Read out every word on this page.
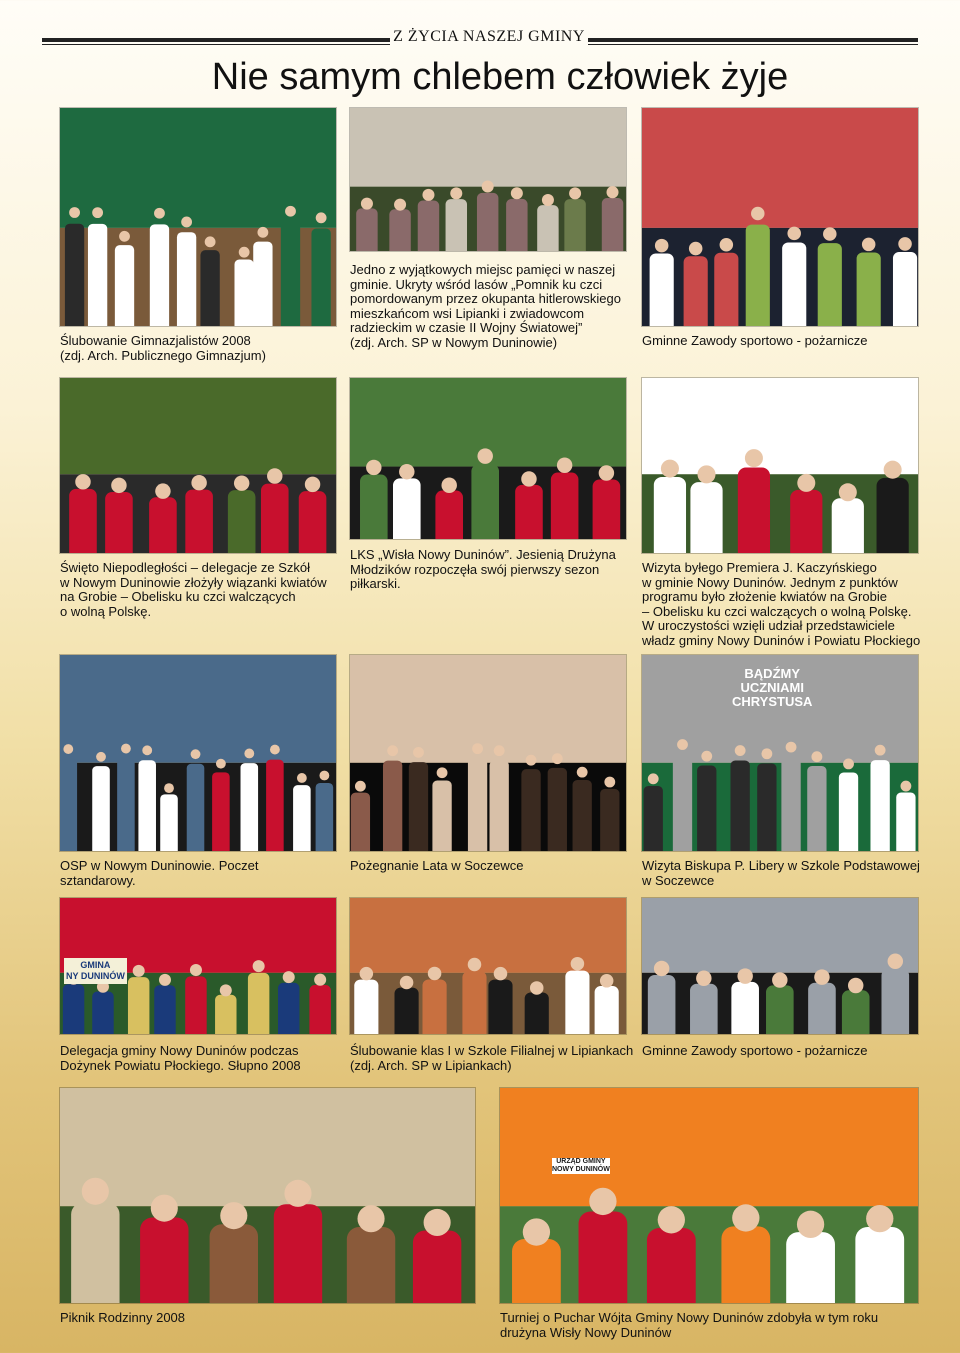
Z ŻYCIA NASZEJ GMINY
Nie samym chlebem człowiek żyje
Ślubowanie Gimnazjalistów 2008
(zdj. Arch. Publicznego Gimnazjum)
Jedno z wyjątkowych miejsc pamięci w naszej
gminie. Ukryty wśród lasów „Pomnik ku czci
pomordowanym przez okupanta hitlerowskiego
mieszkańcom wsi Lipianki i zwiadowcom
radzieckim w czasie II Wojny Światowej”
(zdj. Arch. SP w Nowym Duninowie)	Gminne Zawody sportowo - pożarnicze
Święto Niepodległości – delegacje ze Szkół
w Nowym Duninowie złożyły wiązanki kwiatów
na Grobie – Obelisku ku czci walczących
o wolną Polskę.
LKS „Wisła Nowy Duninów”. Jesienią Drużyna
Młodzików rozpoczęła swój pierwszy sezon
piłkarski.
Wizyta byłego Premiera J. Kaczyńskiego
w gminie Nowy Duninów. Jednym z punktów
programu było złożenie kwiatów na Grobie
– Obelisku ku czci walczących o wolną Polskę.
W uroczystości wzięli udział przedstawiciele
władz gminy Nowy Duninów i Powiatu Płockiego
OSP w Nowym Duninowie. Poczet
sztandarowy.
Pożegnanie Lata w Soczewce
BĄDŹMY
UCZNIAMI
CHRYSTUSA
Wizyta Biskupa P. Libery w Szkole Podstawowej
w Soczewce
GMINA
NY DUNINÓW
Delegacja gminy Nowy Duninów podczas
Dożynek Powiatu Płockiego. Słupno 2008
Ślubowanie klas I w Szkole Filialnej w Lipiankach
(zdj. Arch. SP w Lipiankach)
Gminne Zawody sportowo - pożarnicze
Piknik Rodzinny 2008
URZĄD GMINY
NOWY DUNINÓW
Turniej o Puchar Wójta Gminy Nowy Duninów zdobyła w tym roku
drużyna Wisły Nowy Duninów
